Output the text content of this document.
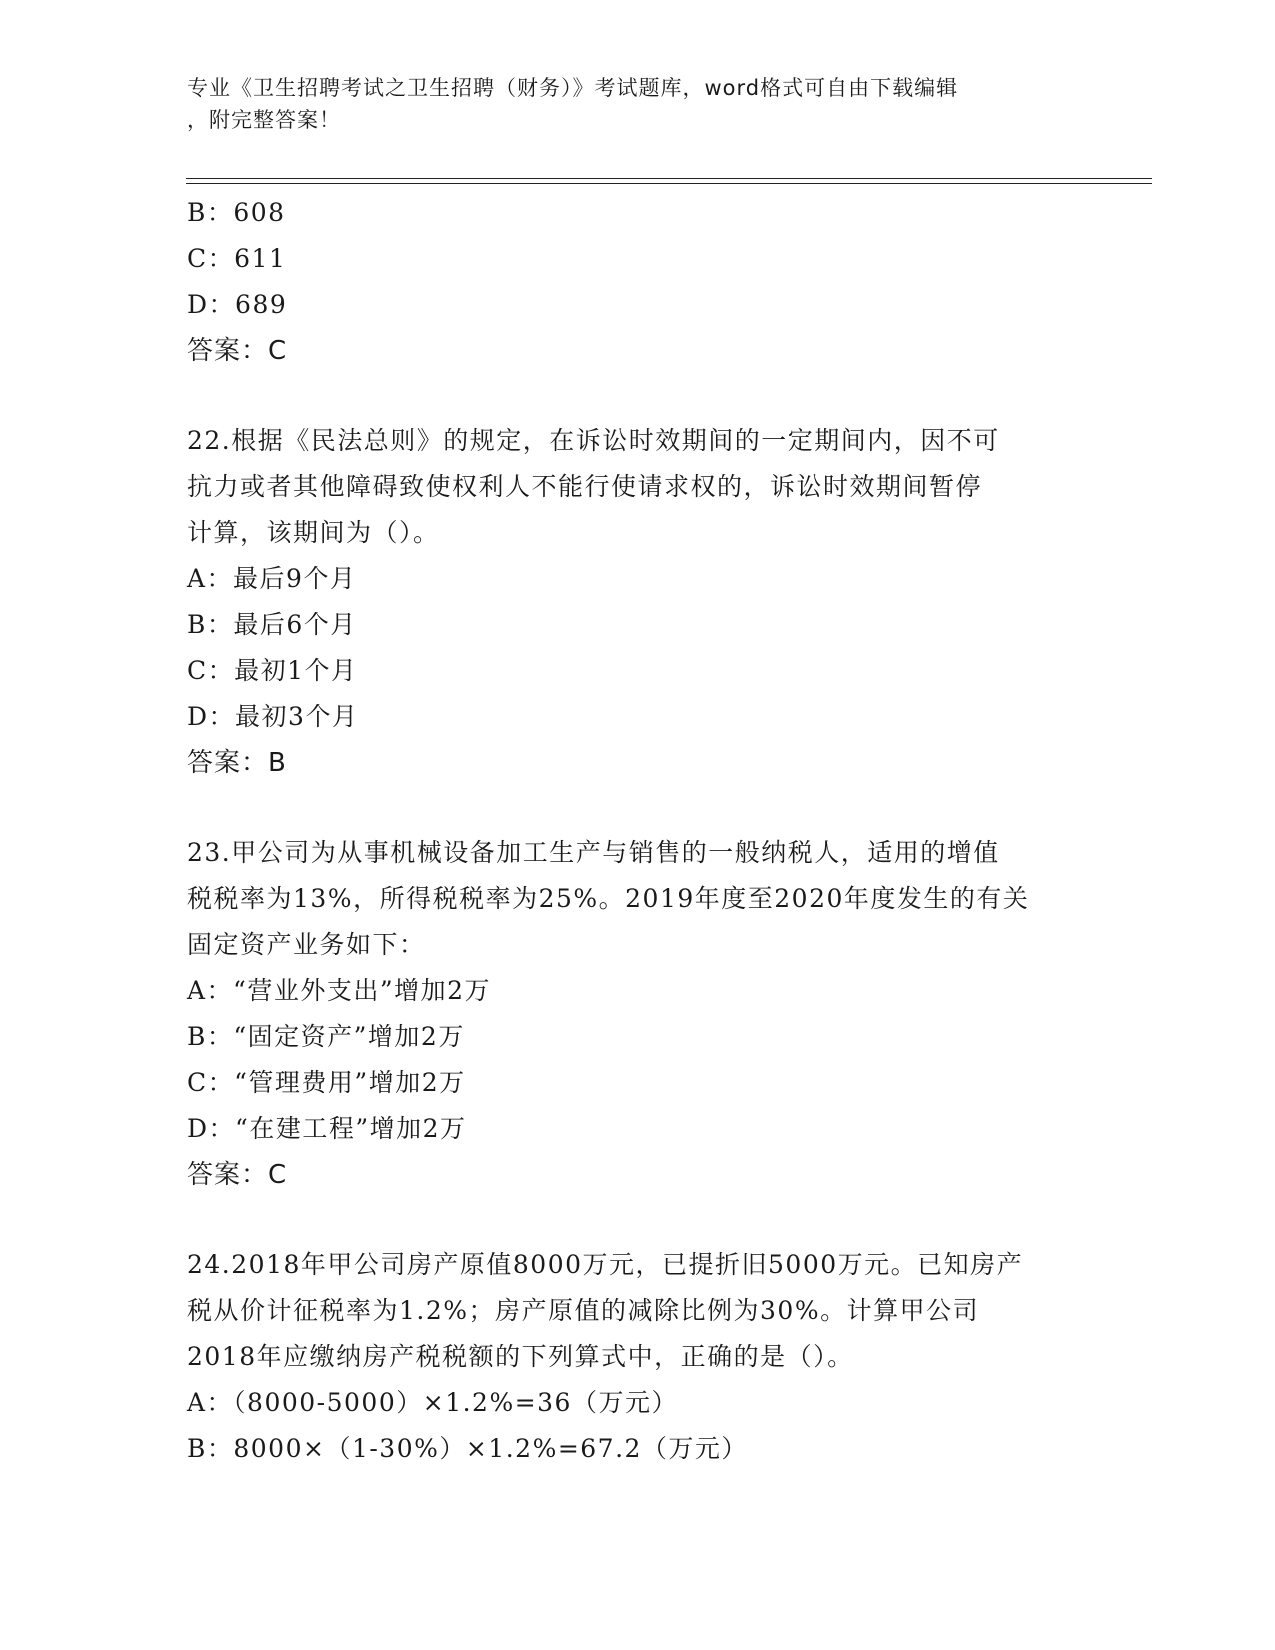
专业《卫生招聘考试之卫生招聘（财务）》考试题库，word格式可自由下载编辑
，附完整答案！
B：608
C：611
D：689
答案：C
22.根据《民法总则》的规定，在诉讼时效期间的一定期间内，因不可
抗力或者其他障碍致使权利人不能行使请求权的，诉讼时效期间暂停
计算，该期间为（）。
A：最后9个月
B：最后6个月
C：最初1个月
D：最初3个月
答案：B
23.甲公司为从事机械设备加工生产与销售的一般纳税人，适用的增值
税税率为13%，所得税税率为25%。2019年度至2020年度发生的有关
固定资产业务如下：
A：“营业外支出”增加2万
B：“固定资产”增加2万
C：“管理费用”增加2万
D：“在建工程”增加2万
答案：C
24.2018年甲公司房产原值8000万元，已提折旧5000万元。已知房产
税从价计征税率为1.2%；房产原值的减除比例为30%。计算甲公司
2018年应缴纳房产税税额的下列算式中，正确的是（）。
A：（8000-5000）×1.2%=36（万元）
B：8000×（1-30%）×1.2%=67.2（万元）
